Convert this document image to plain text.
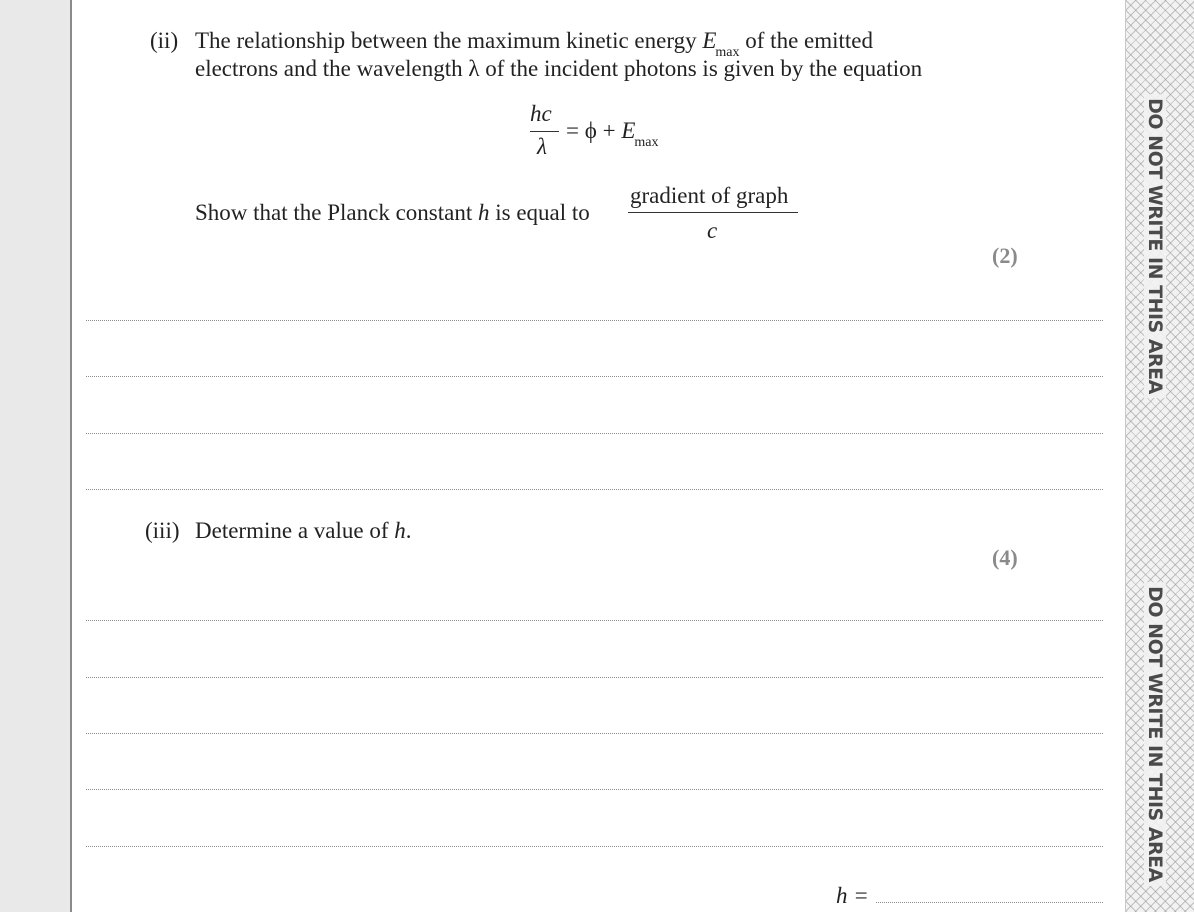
DO NOT WRITE IN THIS AREA
DO NOT WRITE IN THIS AREA
(ii) The relationship between the maximum kinetic energy $E_{max}$ of the emitted
electrons and the wavelength λ of the incident photons is given by the equation
hc
λ
= $\phi + E_{max}$
Show that the Planck constant h is equal to
gradient of graph
c
(2)
(iii) Determine a value of h.
(4)
h =
